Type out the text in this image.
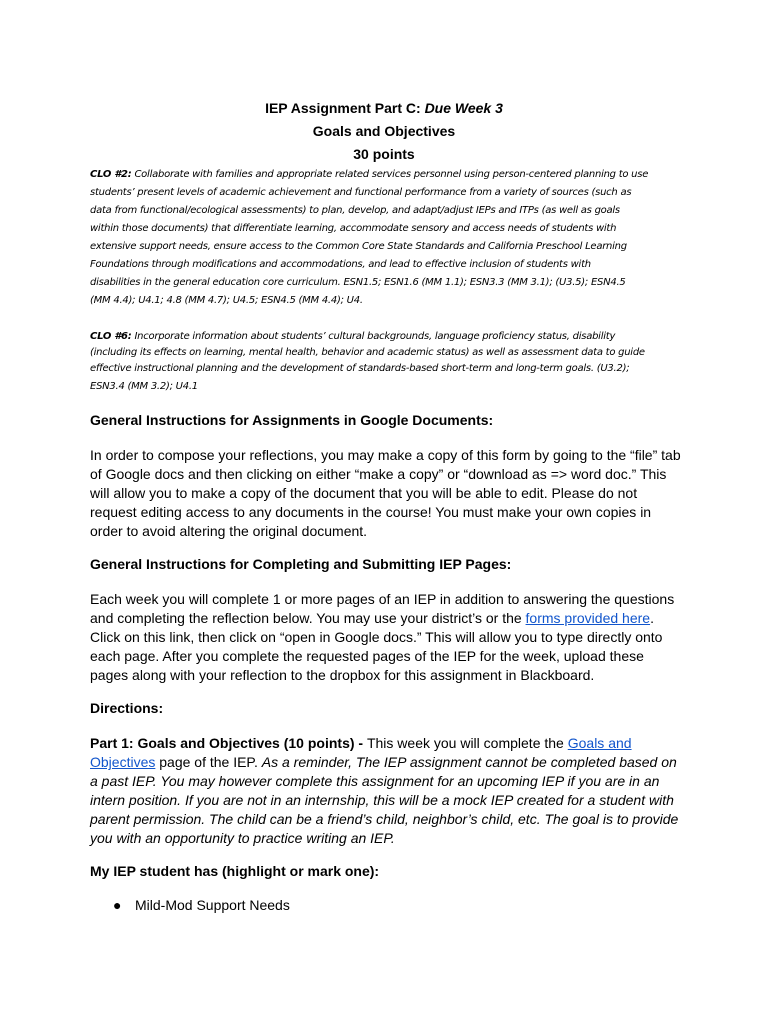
IEP Assignment Part C: Due Week 3
Goals and Objectives
30 points
CLO #2: Collaborate with families and appropriate related services personnel using person-centered planning to use
students’ present levels of academic achievement and functional performance from a variety of sources (such as
data from functional/ecological assessments) to plan, develop, and adapt/adjust IEPs and ITPs (as well as goals
within those documents) that differentiate learning, accommodate sensory and access needs of students with
extensive support needs, ensure access to the Common Core State Standards and California Preschool Learning
Foundations through modifications and accommodations, and lead to effective inclusion of students with
disabilities in the general education core curriculum. ESN1.5; ESN1.6 (MM 1.1); ESN3.3 (MM 3.1); (U3.5); ESN4.5
(MM 4.4); U4.1; 4.8 (MM 4.7); U4.5; ESN4.5 (MM 4.4); U4.
CLO #6: Incorporate information about students’ cultural backgrounds, language proficiency status, disability
(including its effects on learning, mental health, behavior and academic status) as well as assessment data to guide
effective instructional planning and the development of standards-based short-term and long-term goals. (U3.2);
ESN3.4 (MM 3.2); U4.1
General Instructions for Assignments in Google Documents:
In order to compose your reflections, you may make a copy of this form by going to the “file” tab
of Google docs and then clicking on either “make a copy” or “download as => word doc.” This
will allow you to make a copy of the document that you will be able to edit. Please do not
request editing access to any documents in the course! You must make your own copies in
order to avoid altering the original document.
General Instructions for Completing and Submitting IEP Pages:
Each week you will complete 1 or more pages of an IEP in addition to answering the questions
and completing the reflection below. You may use your district’s or the forms provided here.
Click on this link, then click on “open in Google docs.” This will allow you to type directly onto
each page. After you complete the requested pages of the IEP for the week, upload these
pages along with your reflection to the dropbox for this assignment in Blackboard.
Directions:
Part 1: Goals and Objectives (10 points) - This week you will complete the Goals and
Objectives page of the IEP. As a reminder, The IEP assignment cannot be completed based on
a past IEP. You may however complete this assignment for an upcoming IEP if you are in an
intern position. If you are not in an internship, this will be a mock IEP created for a student with
parent permission. The child can be a friend’s child, neighbor’s child, etc. The goal is to provide
you with an opportunity to practice writing an IEP.
My IEP student has (highlight or mark one):
● Mild-Mod Support Needs
